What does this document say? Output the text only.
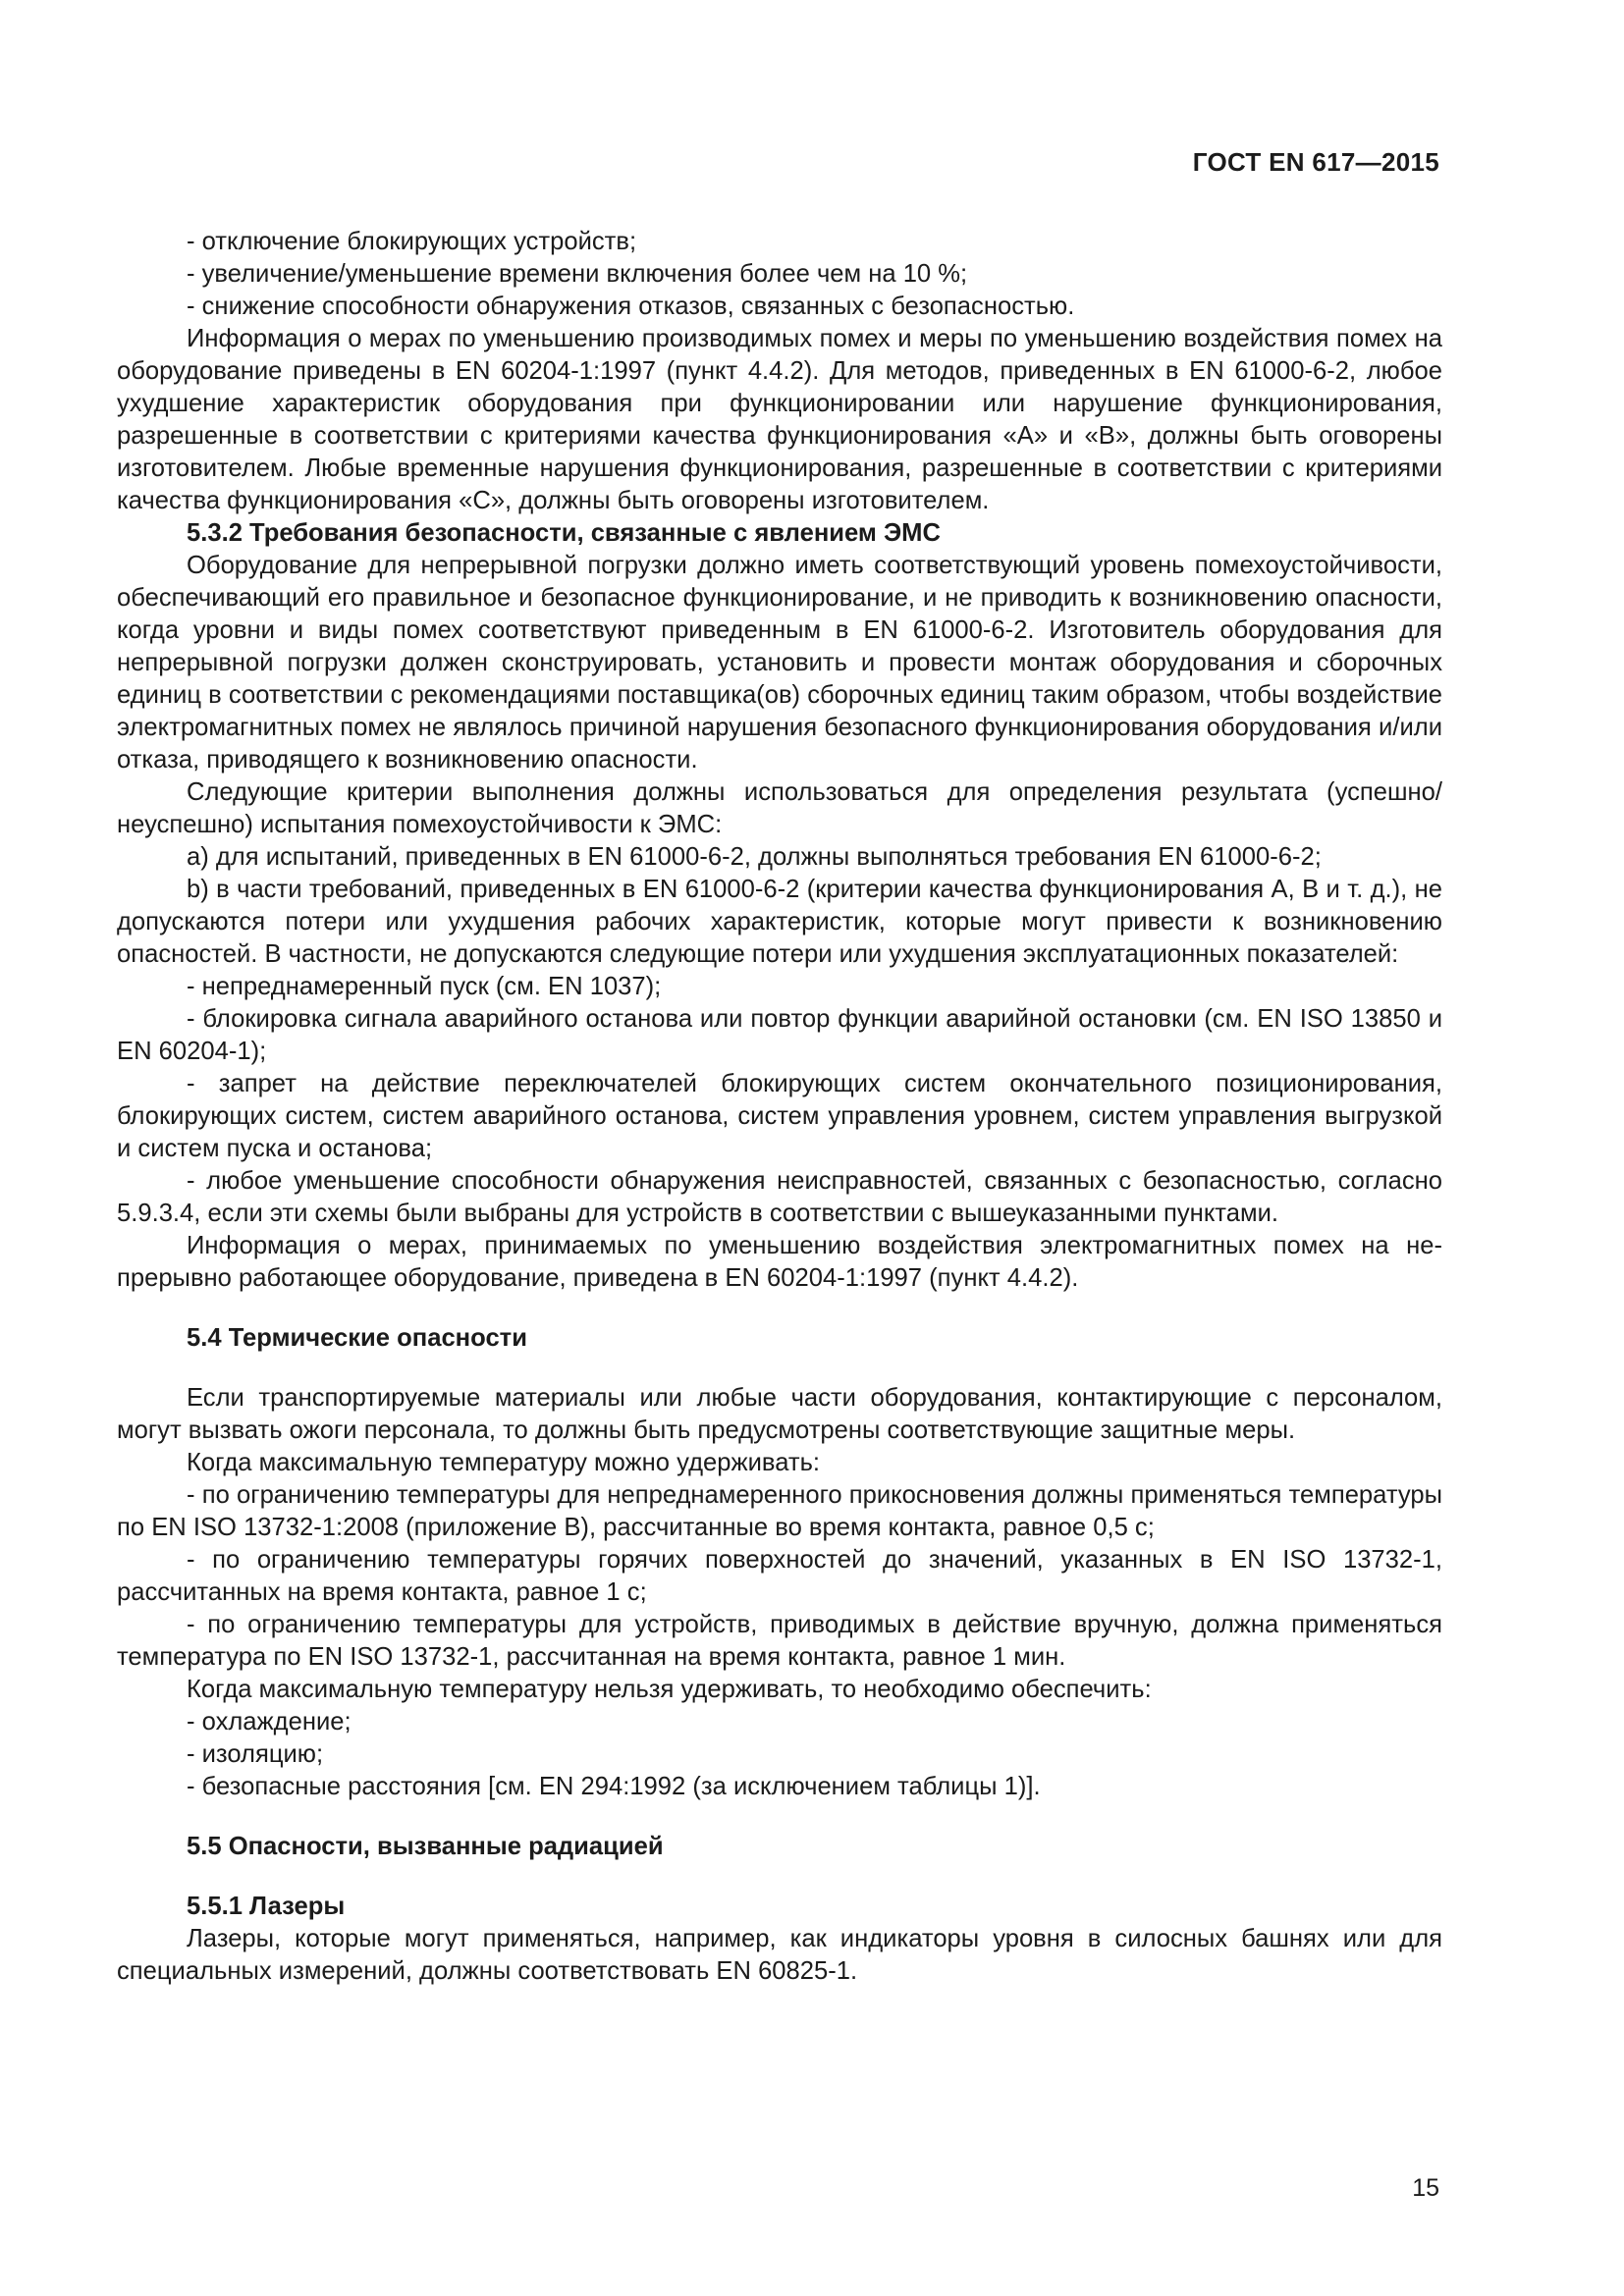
ГОСТ EN 617—2015

- отключение блокирующих устройств;

- увеличение/уменьшение времени включения более чем на 10 %;

- снижение способности обнаружения отказов, связанных с безопасностью.

Информация о мерах по уменьшению производимых помех и меры по уменьшению воздействия помех на оборудование приведены в EN 60204-1:1997 (пункт 4.4.2). Для методов, приведенных в EN 61000-6-2, любое ухудшение характеристик оборудования при функционировании или нарушение функционирования, разрешенные в соответствии с критериями качества функционирования «А» и «В», должны быть оговорены изготовителем. Любые временные нарушения функционирования, разрешенные в соответствии с критериями качества функционирования «С», должны быть оговорены изготовителем.

5.3.2 Требования безопасности, связанные с явлением ЭМС

Оборудование для непрерывной погрузки должно иметь соответствующий уровень помехоустойчивости, обеспечивающий его правильное и безопасное функционирование, и не приводить к возникновению опасности, когда уровни и виды помех соответствуют приведенным в EN 61000-6-2. Изготовитель оборудования для непрерывной погрузки должен сконструировать, установить и провести монтаж оборудования и сборочных единиц в соответствии с рекомендациями поставщика(ов) сборочных единиц таким образом, чтобы воздействие электромагнитных помех не являлось причиной нарушения безопасного функционирования оборудования и/или отказа, приводящего к возникновению опасности.

Следующие критерии выполнения должны использоваться для определения результата (успешно/неуспешно) испытания помехоустойчивости к ЭМС:

а) для испытаний, приведенных в EN 61000-6-2, должны выполняться требования EN 61000-6-2;

b) в части требований, приведенных в EN 61000-6-2 (критерии качества функционирования А, В и т. д.), не допускаются потери или ухудшения рабочих характеристик, которые могут привести к возникновению опасностей. В частности, не допускаются следующие потери или ухудшения эксплуатационных показателей:

- непреднамеренный пуск (см. EN 1037);

- блокировка сигнала аварийного останова или повтор функции аварийной остановки (см. EN ISO 13850 и EN 60204-1);

- запрет на действие переключателей блокирующих систем окончательного позиционирования, блокирующих систем, систем аварийного останова, систем управления уровнем, систем управления выгрузкой и систем пуска и останова;

- любое уменьшение способности обнаружения неисправностей, связанных с безопасностью, согласно 5.9.3.4, если эти схемы были выбраны для устройств в соответствии с вышеуказанными пунктами.

Информация о мерах, принимаемых по уменьшению воздействия электромагнитных помех на непрерывно работающее оборудование, приведена в EN 60204-1:1997 (пункт 4.4.2).

5.4 Термические опасности

Если транспортируемые материалы или любые части оборудования, контактирующие с персоналом, могут вызвать ожоги персонала, то должны быть предусмотрены соответствующие защитные меры.

Когда максимальную температуру можно удерживать:

- по ограничению температуры для непреднамеренного прикосновения должны применяться температуры по EN ISO 13732-1:2008 (приложение В), рассчитанные во время контакта, равное 0,5 с;

- по ограничению температуры горячих поверхностей до значений, указанных в EN ISO 13732-1, рассчитанных на время контакта, равное 1 с;

- по ограничению температуры для устройств, приводимых в действие вручную, должна применяться температура по EN ISO 13732-1, рассчитанная на время контакта, равное 1 мин.

Когда максимальную температуру нельзя удерживать, то необходимо обеспечить:

- охлаждение;

- изоляцию;

- безопасные расстояния [см. EN 294:1992 (за исключением таблицы 1)].

5.5 Опасности, вызванные радиацией

5.5.1 Лазеры

Лазеры, которые могут применяться, например, как индикаторы уровня в силосных башнях или для специальных измерений, должны соответствовать EN 60825-1.

15
